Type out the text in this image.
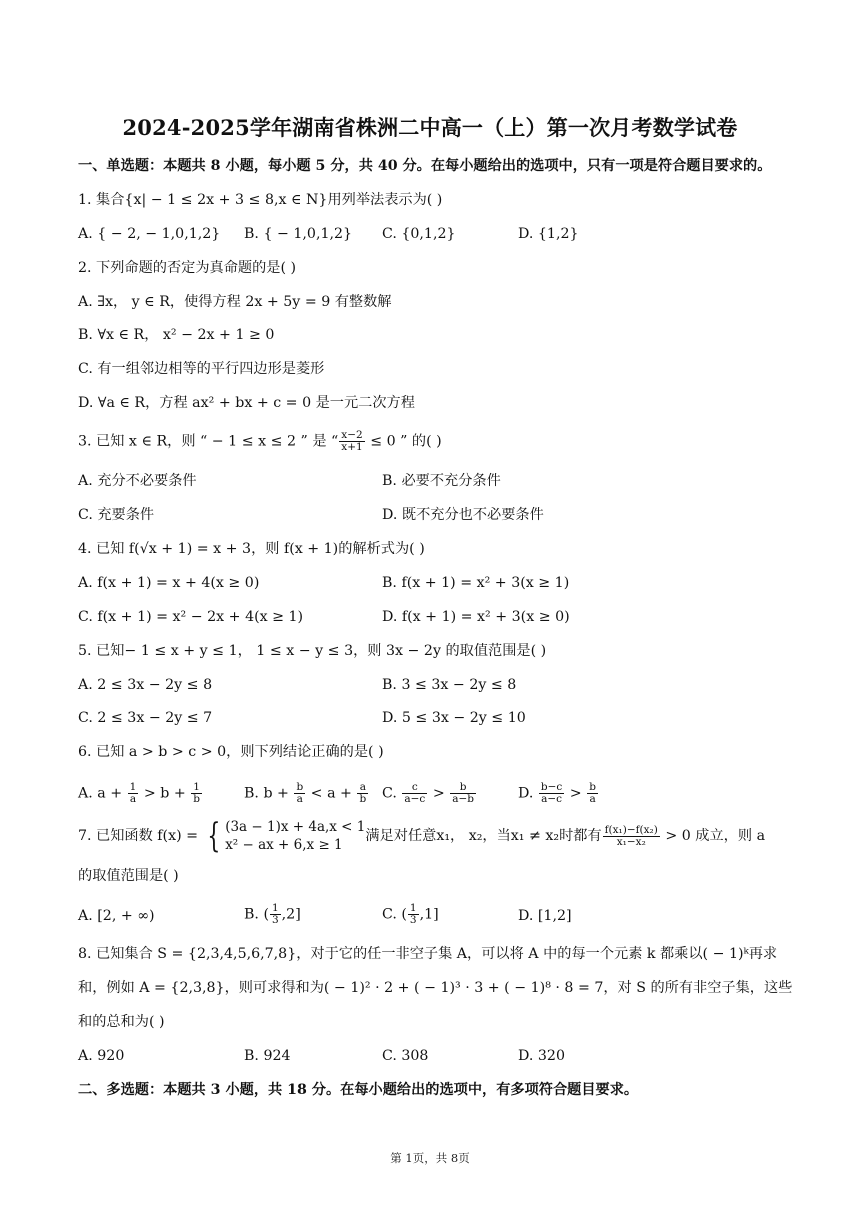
2024-2025学年湖南省株洲二中高一（上）第一次月考数学试卷
一、单选题：本题共 8 小题，每小题 5 分，共 40 分。在每小题给出的选项中，只有一项是符合题目要求的。
1. 集合{x| − 1 ≤ 2x + 3 ≤ 8,x ∈ N}用列举法表示为( )
A. { − 2, − 1,0,1,2} B. { − 1,0,1,2} C. {0,1,2}	D. {1,2}
2. 下列命题的否定为真命题的是( )
A. ∃x， y ∈ R，使得方程 2x + 5y = 9 有整数解
B. ∀x ∈ R， x² − 2x + 1 ≥ 0
C. 有一组邻边相等的平行四边形是菱形
D. ∀a ∈ R，方程 ax² + bx + c = 0 是一元二次方程
3. 已知 x ∈ R，则 “ − 1 ≤ x ≤ 2 ” 是 “ $\frac{x-2}{x+1} \le 0$ ” 的( )
A. 充分不必要条件	B. 必要不充分条件
C. 充要条件	D. 既不充分也不必要条件
4. 已知 f(√x + 1) = x + 3，则 f(x + 1)的解析式为( )
A. f(x + 1) = x + 4(x ≥ 0)	B. f(x + 1) = x² + 3(x ≥ 1)
C. f(x + 1) = x² − 2x + 4(x ≥ 1)	D. f(x + 1) = x² + 3(x ≥ 0)
5. 已知− 1 ≤ x + y ≤ 1， 1 ≤ x − y ≤ 3，则 3x − 2y 的取值范围是( )
A. 2 ≤ 3x − 2y ≤ 8	B. 3 ≤ 3x − 2y ≤ 8
C. 2 ≤ 3x − 2y ≤ 7	D. 5 ≤ 3x − 2y ≤ 10
6. 已知 a > b > c > 0，则下列结论正确的是( )
A. $a + \frac{1}{a} > b + \frac{1}{b}$	B. $b + \frac{b}{a} < a + \frac{a}{b} C$. $\frac{c}{a-c} > \frac{b}{a-b}$	D. $\frac{b-c}{a-c} > \frac{b}{a}$
7. 已知函数 f(x) = { (3a − 1)x + 4a,x < 1
x² − ax + 6,x ≥ 1
满足对任意x₁， x₂，当x₁ ≠ x₂时都有 $\frac{\text{f(x₁)−f(x₂)}}{\text{x₁−x₂}} > 0$ 成立，则 a
的取值范围是( )
A. [2, + ∞)	B. ( $\frac{1}{3} ,2$]	C. ( $\frac{1}{3} ,1$]	D. [1,2]
8. 已知集合 S = {2,3,4,5,6,7,8}，对于它的任一非空子集 A，可以将 A 中的每一个元素 k 都乘以( − 1)ᵏ再求
和，例如 A = {2,3,8}，则可求得和为( − 1)² · 2 + ( − 1)³ · 3 + ( − 1)⁸ · 8 = 7，对 S 的所有非空子集，这些
和的总和为( )
A. 920	B. 924	C. 308	D. 320
二、多选题：本题共 3 小题，共 18 分。在每小题给出的选项中，有多项符合题目要求。
第 1页，共 8页
